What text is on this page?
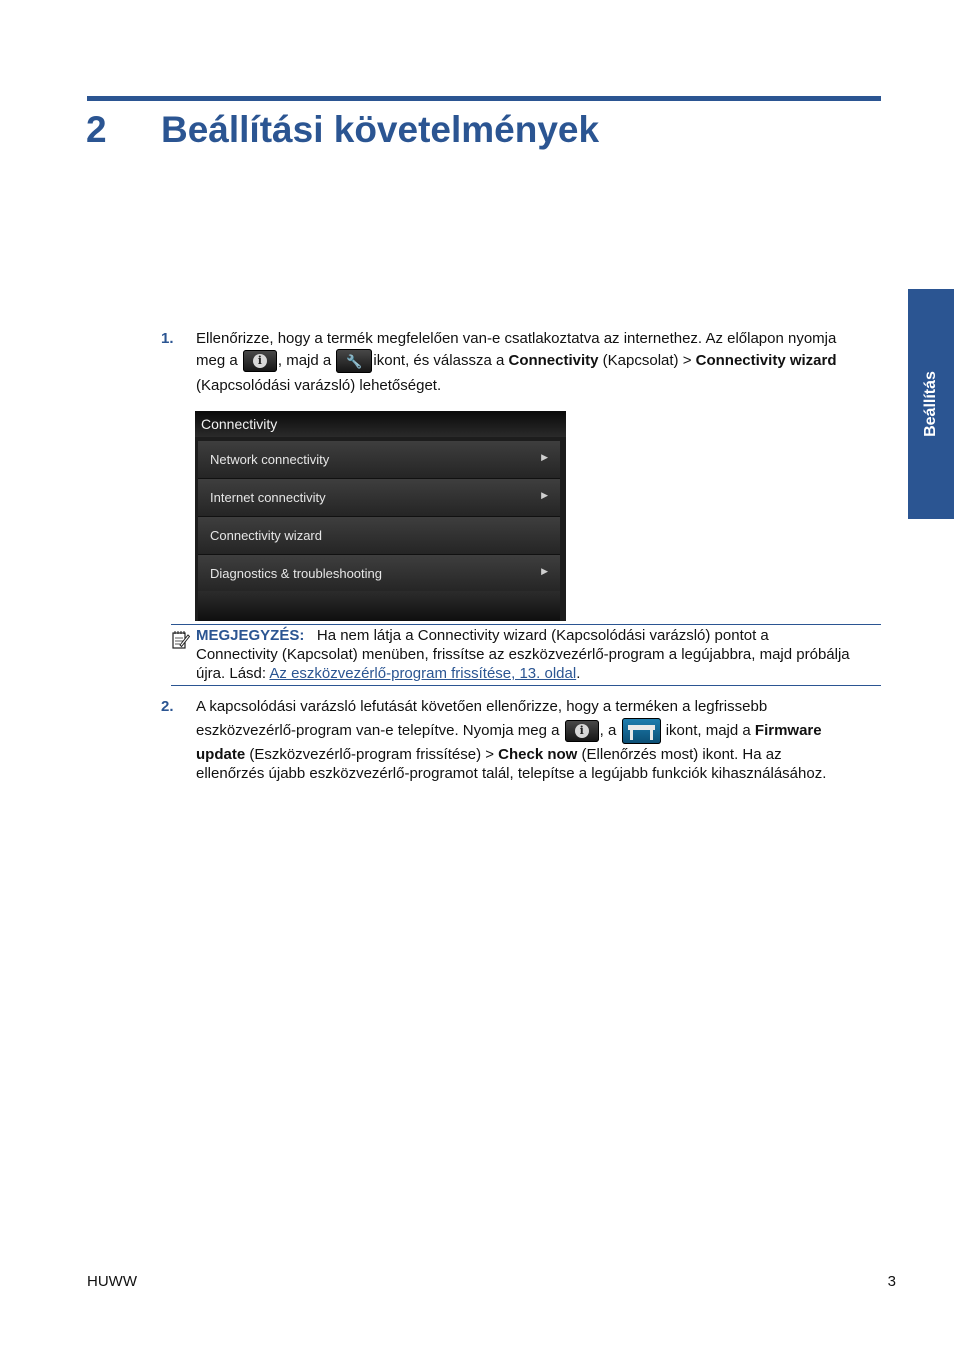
2 Beállítási követelmények
Beállítás
1. Ellenőrizze, hogy a termék megfelelően van-e csatlakoztatva az internethez. Az előlapon nyomja
meg a i	, majd a 🔧	ikont, és válassza a Connectivity (Kapcsolat) > Connectivity wizard
(Kapcsolódási varázsló) lehetőséget.
Connectivity
Network connectivity	▶
Internet connectivity	▶
Connectivity wizard
Diagnostics & troubleshooting	▶
MEGJEGYZÉS: Ha nem látja a Connectivity wizard (Kapcsolódási varázsló) pontot a
Connectivity (Kapcsolat) menüben, frissítse az eszközvezérlő-program a legújabbra, majd próbálja
újra. Lásd: Az eszközvezérlő-program frissítése, 13. oldal.
2. A kapcsolódási varázsló lefutását követően ellenőrizze, hogy a terméken a legfrissebb
eszközvezérlő-program van-e telepítve. Nyomja meg a i	, a	ikont, majd a Firmware
update (Eszközvezérlő-program frissítése) > Check now (Ellenőrzés most) ikont. Ha az
ellenőrzés újabb eszközvezérlő-programot talál, telepítse a legújabb funkciók kihasználásához.
HUWW	3
